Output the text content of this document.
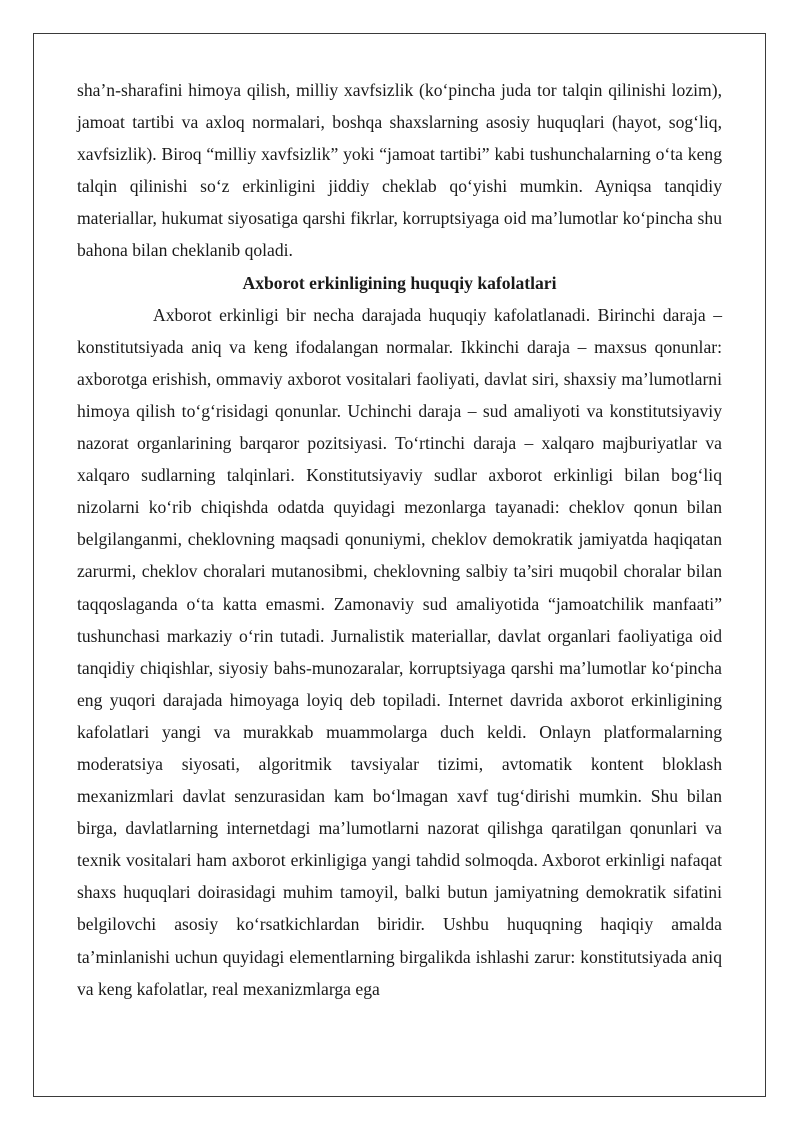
sha’n-sharafini himoya qilish, milliy xavfsizlik (ko‘pincha juda tor talqin qilinishi lozim), jamoat tartibi va axloq normalari, boshqa shaxslarning asosiy huquqlari (hayot, sog‘liq, xavfsizlik). Biroq “milliy xavfsizlik” yoki “jamoat tartibi” kabi tushunchalarning o‘ta keng talqin qilinishi so‘z erkinligini jiddiy cheklab qo‘yishi mumkin. Ayniqsa tanqidiy materiallar, hukumat siyosatiga qarshi fikrlar, korruptsiyaga oid ma’lumotlar ko‘pincha shu bahona bilan cheklanib qoladi.

Axborot erkinligining huquqiy kafolatlari

Axborot erkinligi bir necha darajada huquqiy kafolatlanadi. Birinchi daraja – konstitutsiyada aniq va keng ifodalangan normalar. Ikkinchi daraja – maxsus qonunlar: axborotga erishish, ommaviy axborot vositalari faoliyati, davlat siri, shaxsiy ma’lumotlarni himoya qilish to‘g‘risidagi qonunlar. Uchinchi daraja – sud amaliyoti va konstitutsiyaviy nazorat organlarining barqaror pozitsiyasi. To‘rtinchi daraja – xalqaro majburiyatlar va xalqaro sudlarning talqinlari. Konstitutsiyaviy sudlar axborot erkinligi bilan bog‘liq nizolarni ko‘rib chiqishda odatda quyidagi mezonlarga tayanadi: cheklov qonun bilan belgilanganmi, cheklovning maqsadi qonuniymi, cheklov demokratik jamiyatda haqiqatan zarurmi, cheklov choralari mutanosibmi, cheklovning salbiy ta’siri muqobil choralar bilan taqqoslaganda o‘ta katta emasmi. Zamonaviy sud amaliyotida “jamoatchilik manfaati” tushunchasi markaziy o‘rin tutadi. Jurnalistik materiallar, davlat organlari faoliyatiga oid tanqidiy chiqishlar, siyosiy bahs-munozaralar, korruptsiyaga qarshi ma’lumotlar ko‘pincha eng yuqori darajada himoyaga loyiq deb topiladi. Internet davrida axborot erkinligining kafolatlari yangi va murakkab muammolarga duch keldi. Onlayn platformalarning moderatsiya siyosati, algoritmik tavsiyalar tizimi, avtomatik kontent bloklash mexanizmlari davlat senzurasidan kam bo‘lmagan xavf tug‘dirishi mumkin. Shu bilan birga, davlatlarning internetdagi ma’lumotlarni nazorat qilishga qaratilgan qonunlari va texnik vositalari ham axborot erkinligiga yangi tahdid solmoqda. Axborot erkinligi nafaqat shaxs huquqlari doirasidagi muhim tamoyil, balki butun jamiyatning demokratik sifatini belgilovchi asosiy ko‘rsatkichlardan biridir. Ushbu huquqning haqiqiy amalda ta’minlanishi uchun quyidagi elementlarning birgalikda ishlashi zarur: konstitutsiyada aniq va keng kafolatlar, real mexanizmlarga ega
